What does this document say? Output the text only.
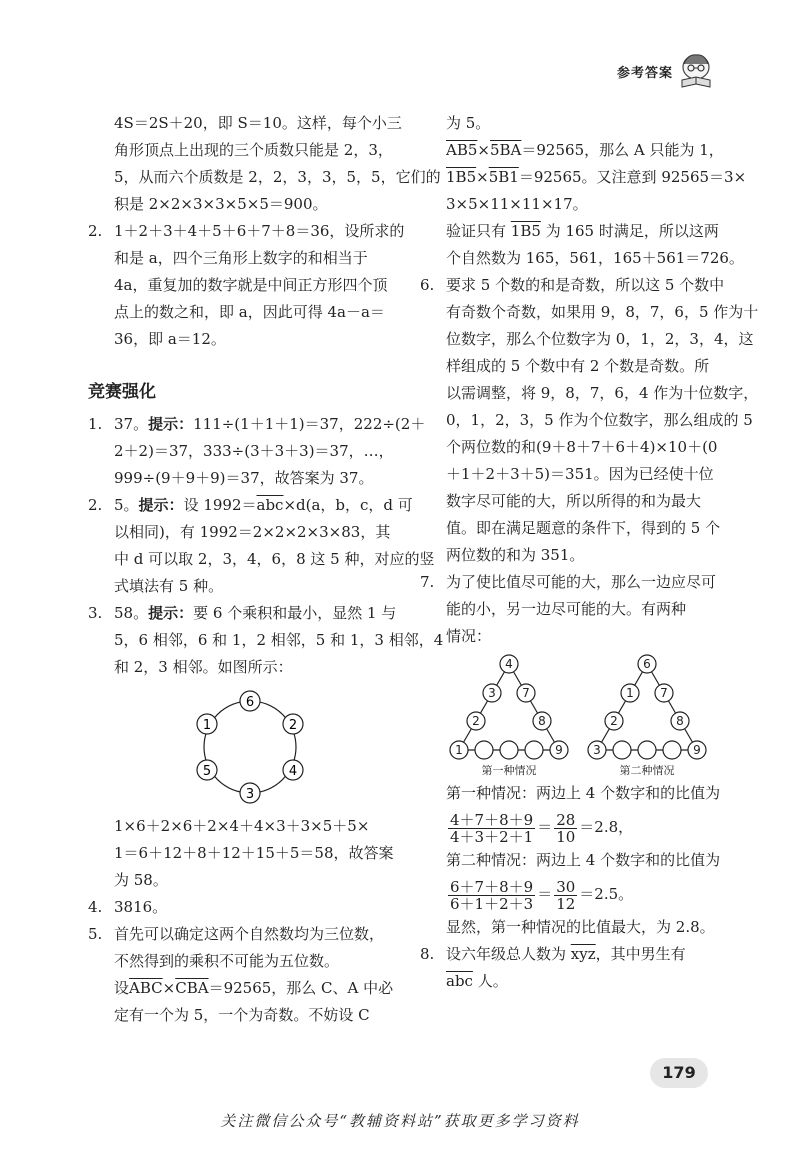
参考答案
4S＝2S＋20，即 S＝10。这样，每个小三
角形顶点上出现的三个质数只能是 2，3，
5，从而六个质数是 2，2，3，3，5，5，它们的
积是 2×2×3×3×5×5＝900。
2. 1＋2＋3＋4＋5＋6＋7＋8＝36，设所求的
和是 a，四个三角形上数字的和相当于
4a，重复加的数字就是中间正方形四个顶
点上的数之和，即 a，因此可得 4a－a＝
36，即 a＝12。
竞赛强化
1. 37。提示：111÷(1＋1＋1)＝37，222÷(2＋
2＋2)＝37，333÷(3＋3＋3)＝37，…，
999÷(9＋9＋9)＝37，故答案为 37。
2. 5。提示：设 $1992=\overline{abc}\times d(a$，b，c，d 可
以相同)，有 1992＝2×2×2×3×83，其
中 d 可以取 2，3，4，6，8 这 5 种，对应的竖
式填法有 5 种。
3. 58。提示：要 6 个乘积和最小，显然 1 与
5，6 相邻，6 和 1，2 相邻，5 和 1，3 相邻，4
和 2，3 相邻。如图所示：
6
1	2
5	4
3
1×6＋2×6＋2×4＋4×3＋3×5＋5×
1＝6＋12＋8＋12＋15＋5＝58，故答案
为 58。
4. 3816。
5. 首先可以确定这两个自然数均为三位数，
不然得到的乘积不可能为五位数。
设$\overline{ABC}\times\overline{CBA}=92565$，那么 C、A 中必
定有一个为 5，一个为奇数。不妨设 C
为 5。
AB5×5BA＝92565，那么 A 只能为 1，
1B5×5B1＝92565。又注意到 92565＝3×
3×5×11×11×17。
验证只有 1B5 为 165 时满足，所以这两
个自然数为 165，561，165＋561＝726。
6. 要求 5 个数的和是奇数，所以这 5 个数中
有奇数个奇数，如果用 9，8，7，6，5 作为十
位数字，那么个位数字为 0，1，2，3，4，这
样组成的 5 个数中有 2 个数是奇数。所
以需调整，将 9，8，7，6，4 作为十位数字，
0，1，2，3，5 作为个位数字，那么组成的 5
个两位数的和(9＋8＋7＋6＋4)×10＋(0
＋1＋2＋3＋5)＝351。因为已经使十位
数字尽可能的大，所以所得的和为最大
值。即在满足题意的条件下，得到的 5 个
两位数的和为 351。
7. 为了使比值尽可能的大，那么一边应尽可
能的小，另一边尽可能的大。有两种
情况：
4
3 7
2	8
1	9
第一种情况
6
1 7
2	8
3	9
第二种情况
第一种情况：两边上 4 个数字和的比值为
$\frac{4+7+8+9}{4+3+2+1} = \frac{28}{10} =2.8$，
第二种情况：两边上 4 个数字和的比值为
$\frac{6+7+8+9}{6+1+2+3} = \frac{30}{12} =2.5$。
显然，第一种情况的比值最大，为 2.8。
8. 设六年级总人数为 $\overline{xyz}$，其中男生有
$\overline{abc}$ 人。
179
关注微信公众号“教辅资料站”获取更多学习资料
